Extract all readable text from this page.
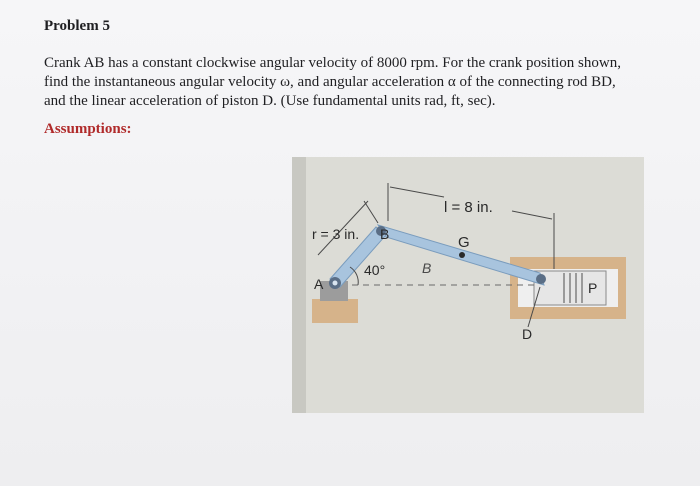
Problem 5
Crank AB has a constant clockwise angular velocity of 8000 rpm. For the crank position shown,
find the instantaneous angular velocity ω, and angular acceleration α of the connecting rod BD,
and the linear acceleration of piston D. (Use fundamental units rad, ft, sec).
Assumptions:
l = 8 in.
r = 3 in. B	G
40°
A
D
P
B
